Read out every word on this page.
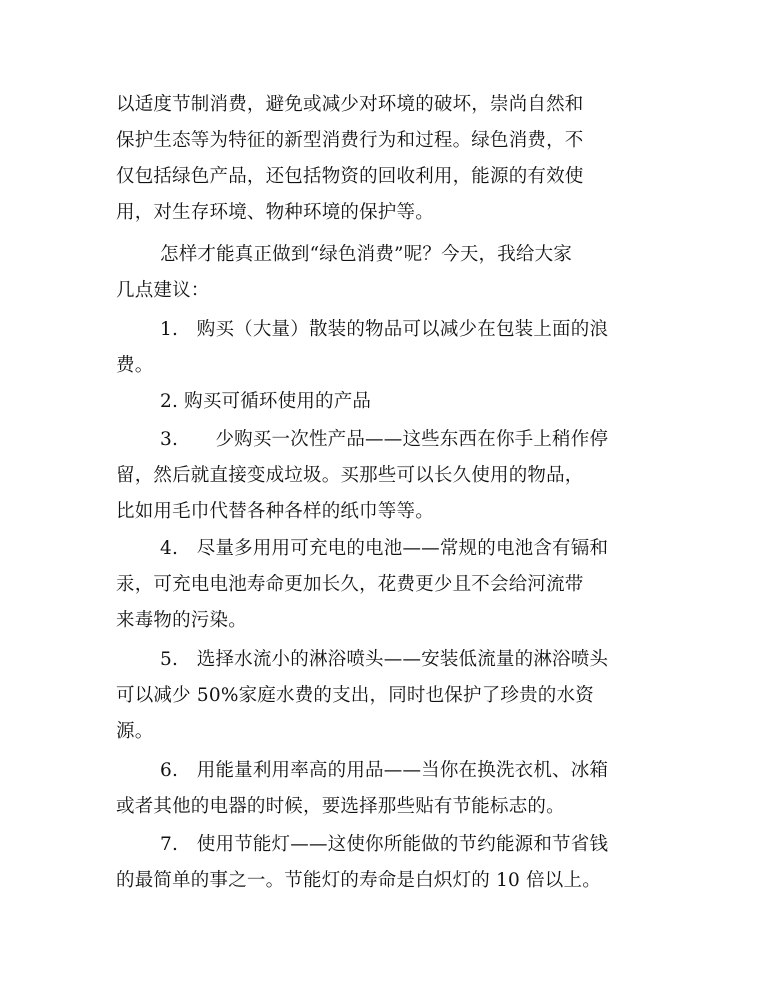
以适度节制消费，避免或减少对环境的破坏，崇尚自然和
保护生态等为特征的新型消费行为和过程。绿色消费，不
仅包括绿色产品，还包括物资的回收利用，能源的有效使
用，对生存环境、物种环境的保护等。
怎样才能真正做到“绿色消费”呢？今天，我给大家
几点建议：
1.　购买（大量）散装的物品可以减少在包装上面的浪
费。
2. 购买可循环使用的产品
3.　　少购买一次性产品——这些东西在你手上稍作停
留，然后就直接变成垃圾。买那些可以长久使用的物品，
比如用毛巾代替各种各样的纸巾等等。
4.　尽量多用用可充电的电池——常规的电池含有镉和
汞，可充电电池寿命更加长久，花费更少且不会给河流带
来毒物的污染。
5.　选择水流小的淋浴喷头——安装低流量的淋浴喷头
可以减少 50%家庭水费的支出，同时也保护了珍贵的水资
源。
6.　用能量利用率高的用品——当你在换洗衣机、冰箱
或者其他的电器的时候，要选择那些贴有节能标志的。
7.　使用节能灯——这使你所能做的节约能源和节省钱
的最简单的事之一。节能灯的寿命是白炽灯的 10 倍以上。
